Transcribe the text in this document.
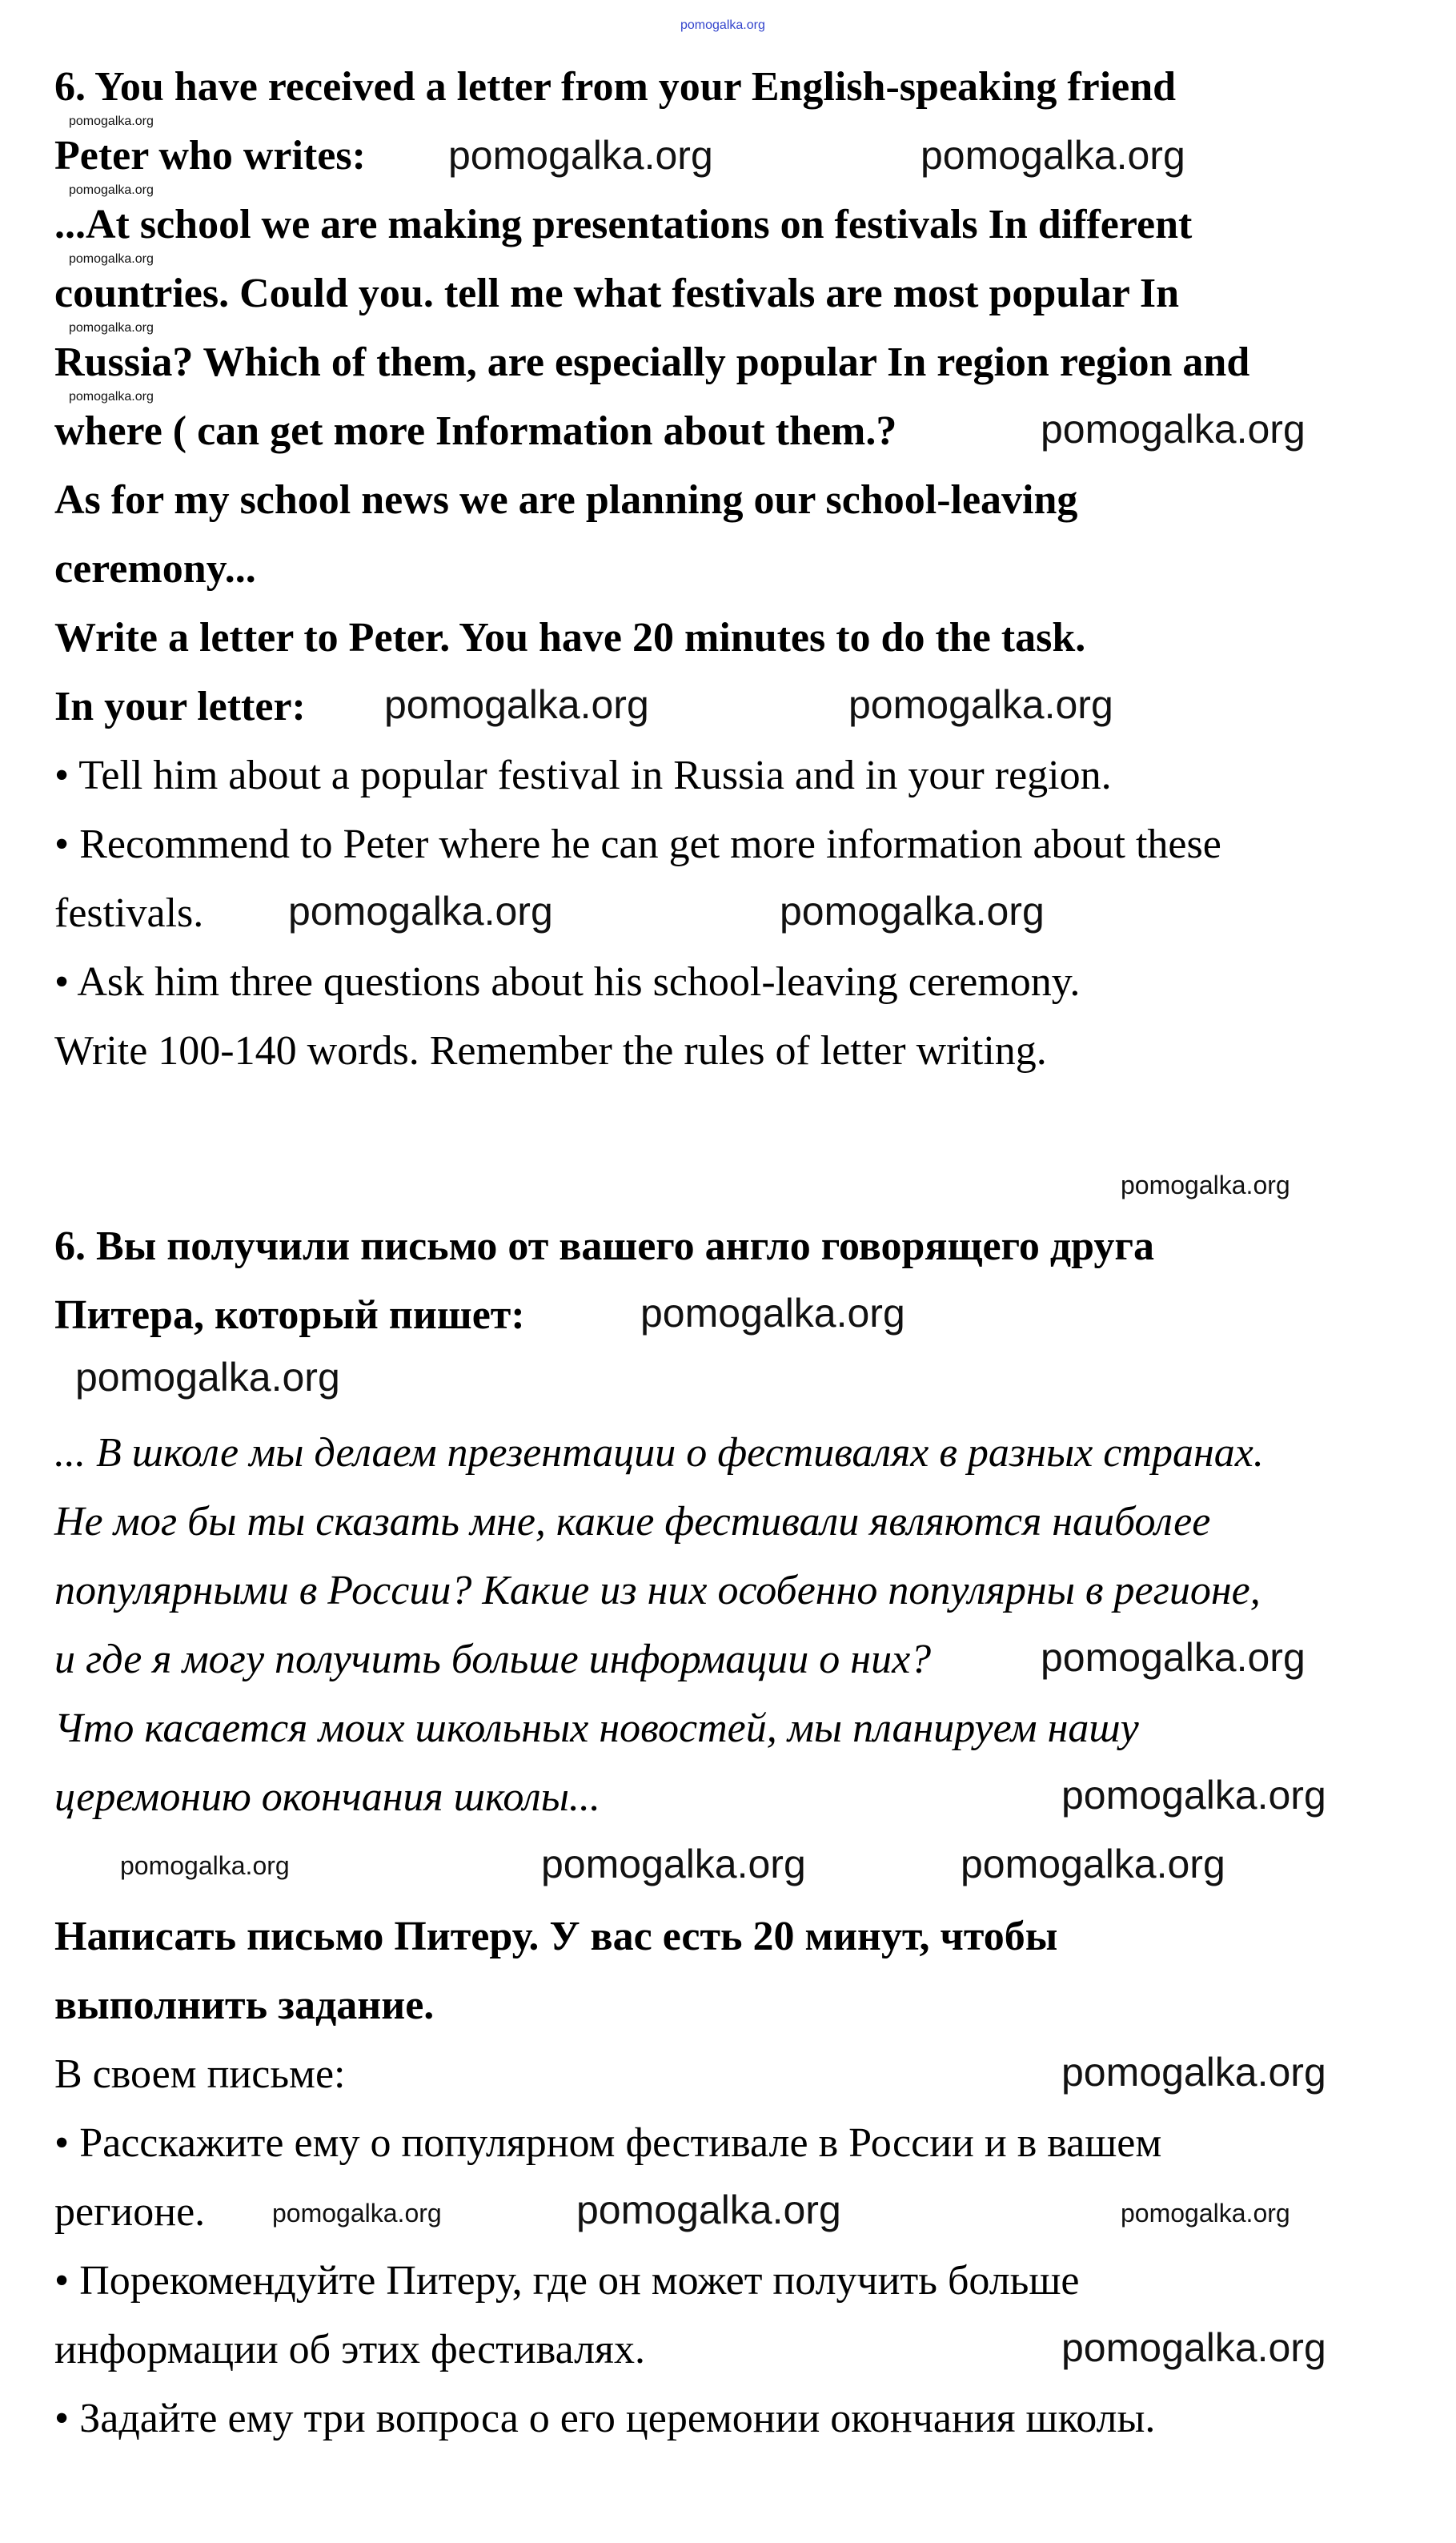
pomogalka.org
6. You have received a letter from your English-speaking friend
Peter who writes:
...At school we are making presentations on festivals In different
countries. Could you. tell me what festivals are most popular In
Russia? Which of them, are especially popular In region region and
where ( can get more Information about them.?
As for my school news we are planning our school-leaving
ceremony...
Write a letter to Peter. You have 20 minutes to do the task.
In your letter:
• Tell him about a popular festival in Russia and in your region.
• Recommend to Peter where he can get more information about these
festivals.
• Ask him three questions about his school-leaving ceremony.
Write 100-140 words. Remember the rules of letter writing.
6. Вы получили письмо от вашего англо говорящего друга
Питера, который пишет:
... В школе мы делаем презентации о фестивалях в разных странах.
Не мог бы ты сказать мне, какие фестивали являются наиболее
популярными в России? Какие из них особенно популярны в регионе,
и где я могу получить больше информации о них?
Что касается моих школьных новостей, мы планируем нашу
церемонию окончания школы...
Написать письмо Питеру. У вас есть 20 минут, чтобы
выполнить задание.
В своем письме:
• Расскажите ему о популярном фестивале в России и в вашем
регионе.
• Порекомендуйте Питеру, где он может получить больше
информации об этих фестивалях.
• Задайте ему три вопроса о его церемонии окончания школы.
pomogalka.org
pomogalka.org
pomogalka.org
pomogalka.org
pomogalka.org
pomogalka.org
pomogalka.org
pomogalka.org
pomogalka.org	pomogalka.org
pomogalka.org	pomogalka.org
pomogalka.org
pomogalka.org
pomogalka.org
pomogalka.org
pomogalka.org
pomogalka.org
pomogalka.org	pomogalka.org
pomogalka.org
pomogalka.org	pomogalka.org	pomogalka.org
pomogalka.org
